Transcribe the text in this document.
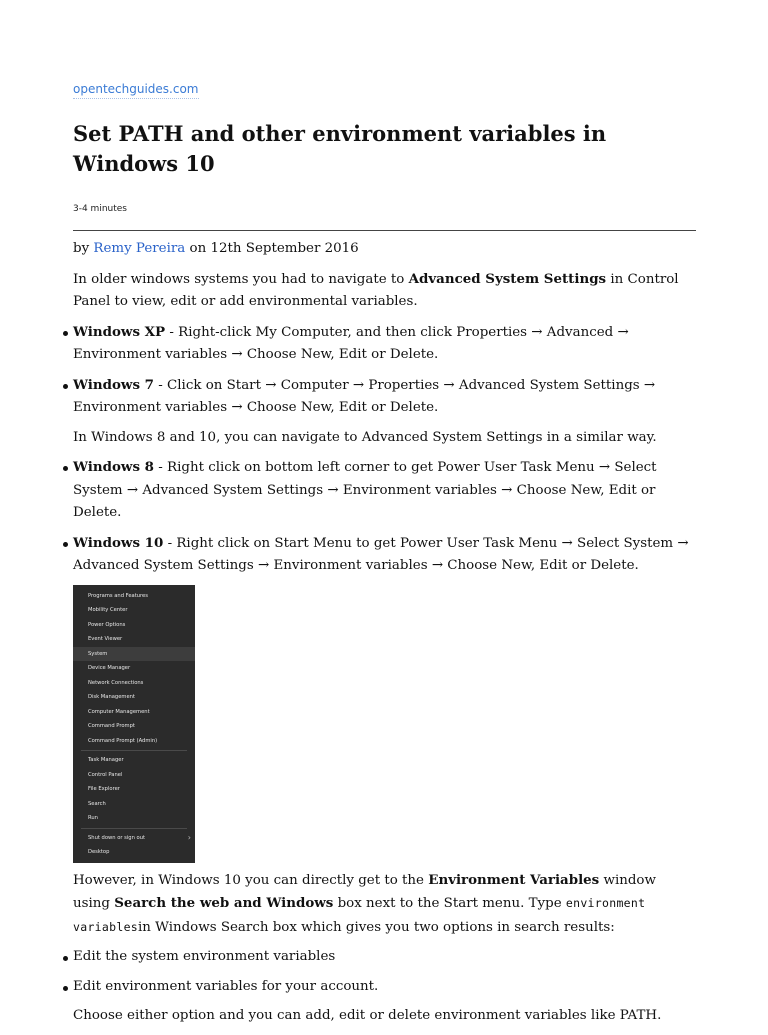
opentechguides.com
Set PATH and other environment variables in Windows 10
3-4 minutes

by Remy Pereira on 12th September 2016

In older windows systems you had to navigate to Advanced System Settings in Control Panel to view, edit or add environmental variables.

Windows XP - Right-click My Computer, and then click Properties → Advanced → Environment variables → Choose New, Edit or Delete.
Windows 7 - Click on Start → Computer → Properties → Advanced System Settings → Environment variables → Choose New, Edit or Delete.

In Windows 8 and 10, you can navigate to Advanced System Settings in a similar way.

Windows 8 - Right click on bottom left corner to get Power User Task Menu → Select System → Advanced System Settings → Environment variables → Choose New, Edit or Delete.
Windows 10 - Right click on Start Menu to get Power User Task Menu → Select System → Advanced System Settings → Environment variables → Choose New, Edit or Delete.
Programs and Features
Mobility Center
Power Options
Event Viewer
System
Device Manager
Network Connections
Disk Management
Computer Management
Command Prompt
Command Prompt (Admin)
Task Manager
Control Panel
File Explorer
Search
Run
Shut down or sign out	›
Desktop

However, in Windows 10 you can directly get to the Environment Variables window using Search the web and Windows box next to the Start menu. Type environment variablesin Windows Search box which gives you two options in search results:

Edit the system environment variables
Edit environment variables for your account.

Choose either option and you can add, edit or delete environment variables like PATH.
